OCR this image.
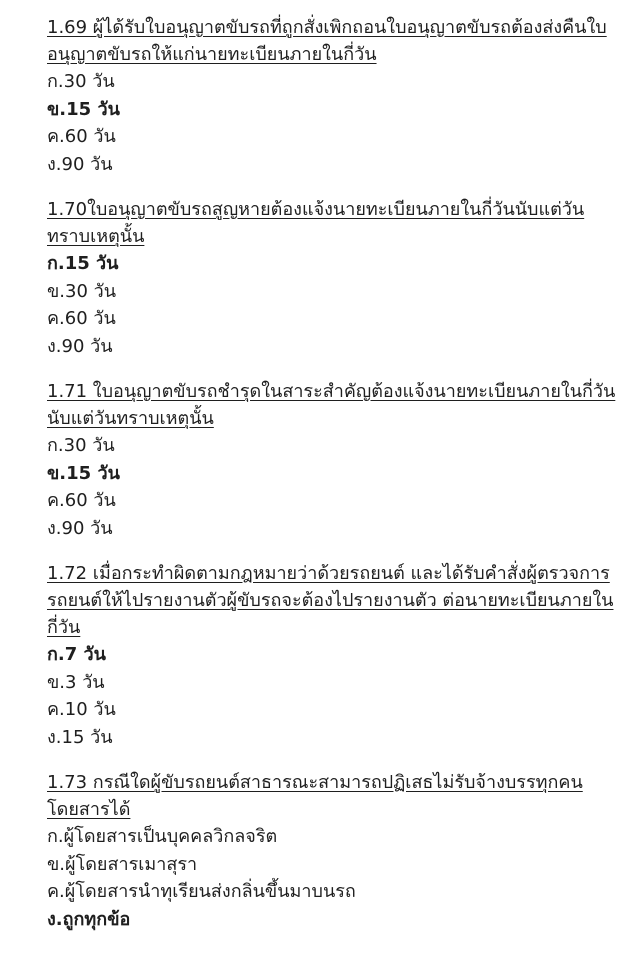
1.69 ผู้ได้รับใบอนุญาตขับรถที่ถูกสั่งเพิกถอนใบอนุญาตขับรถต้องส่งคืนใบอนุญาตขับรถให้แก่นายทะเบียนภายในกี่วัน

ก.30 วัน

ข.15 วัน

ค.60 วัน

ง.90 วัน

1.70ใบอนุญาตขับรถสูญหายต้องแจ้งนายทะเบียนภายในกี่วันนับแต่วันทราบเหตุนั้น

ก.15 วัน

ข.30 วัน

ค.60 วัน

ง.90 วัน

1.71 ใบอนุญาตขับรถชำรุดในสาระสำคัญต้องแจ้งนายทะเบียนภายในกี่วันนับแต่วันทราบเหตุนั้น

ก.30 วัน

ข.15 วัน

ค.60 วัน

ง.90 วัน

1.72 เมื่อกระทำผิดตามกฎหมายว่าด้วยรถยนต์ และได้รับคำสั่งผู้ตรวจการรถยนต์ให้ไปรายงานตัวผู้ขับรถจะต้องไปรายงานตัว ต่อนายทะเบียนภายในกี่วัน

ก.7 วัน

ข.3 วัน

ค.10 วัน

ง.15 วัน

1.73 กรณีใดผู้ขับรถยนต์สาธารณะสามารถปฏิเสธไม่รับจ้างบรรทุกคนโดยสารได้

ก.ผู้โดยสารเป็นบุคคลวิกลจริต

ข.ผู้โดยสารเมาสุรา

ค.ผู้โดยสารนำทุเรียนส่งกลิ่นขึ้นมาบนรถ

ง.ถูกทุกข้อ
